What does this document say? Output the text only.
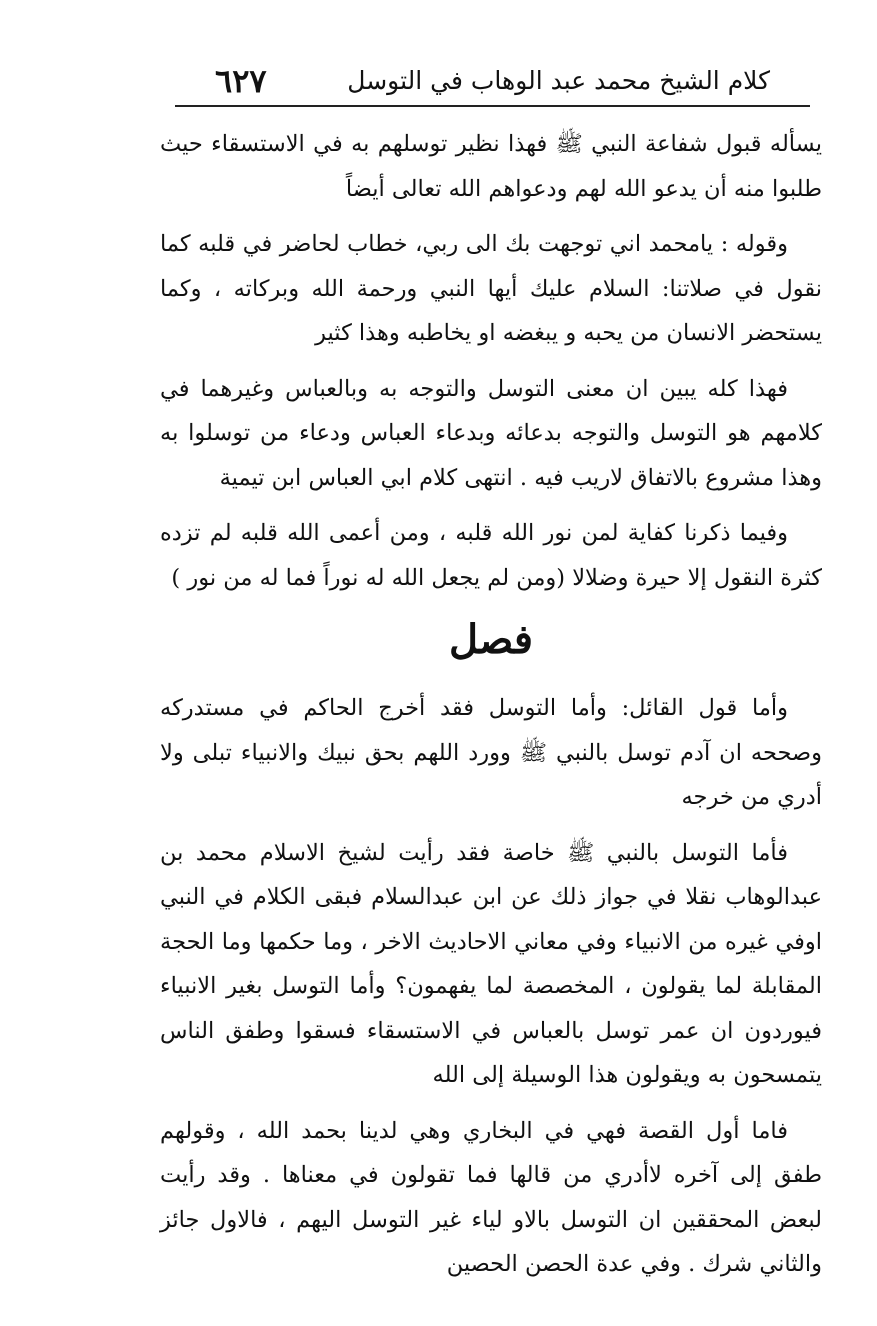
٦٢٧	كلام الشيخ محمد عبد الوهاب في التوسل

يسأله قبول شفاعة النبي ﷺ فهذا نظير توسلهم به في الاستسقاء حيث طلبوا منه أن يدعو الله لهم ودعواهم الله تعالى أيضاً

وقوله : يامحمد اني توجهت بك الى ربي، خطاب لحاضر في قلبه كما نقول في صلاتنا: السلام عليك أيها النبي ورحمة الله وبركاته ، وكما يستحضر الانسان من يحبه و يبغضه او يخاطبه وهذا كثير

فهذا كله يبين ان معنى التوسل والتوجه به وبالعباس وغيرهما في كلامهم هو التوسل والتوجه بدعائه وبدعاء العباس ودعاء من توسلوا به وهذا مشروع بالاتفاق لاريب فيه . انتهى كلام ابي العباس ابن تيمية

وفيما ذكرنا كفاية لمن نور الله قلبه ، ومن أعمى الله قلبه لم تزده كثرة النقول إلا حيرة وضلالا (ومن لم يجعل الله له نوراً فما له من نور )

فصل

وأما قول القائل: وأما التوسل فقد أخرج الحاكم في مستدركه وصححه ان آدم توسل بالنبي ﷺ وورد اللهم بحق نبيك والانبياء تبلى ولا أدري من خرجه

فأما التوسل بالنبي ﷺ خاصة فقد رأيت لشيخ الاسلام محمد بن عبدالوهاب نقلا في جواز ذلك عن ابن عبدالسلام فبقى الكلام في النبي اوفي غيره من الانبياء وفي معاني الاحاديث الاخر ، وما حكمها وما الحجة المقابلة لما يقولون ، المخصصة لما يفهمون؟ وأما التوسل بغير الانبياء فيوردون ان عمر توسل بالعباس في الاستسقاء فسقوا وطفق الناس يتمسحون به ويقولون هذا الوسيلة إلى الله

فاما أول القصة فهي في البخاري وهي لدينا بحمد الله ، وقولهم طفق إلى آخره لاأدري من قالها فما تقولون في معناها . وقد رأيت لبعض المحققين ان التوسل بالاو لياء غير التوسل اليهم ، فالاول جائز والثاني شرك . وفي عدة الحصن الحصين
